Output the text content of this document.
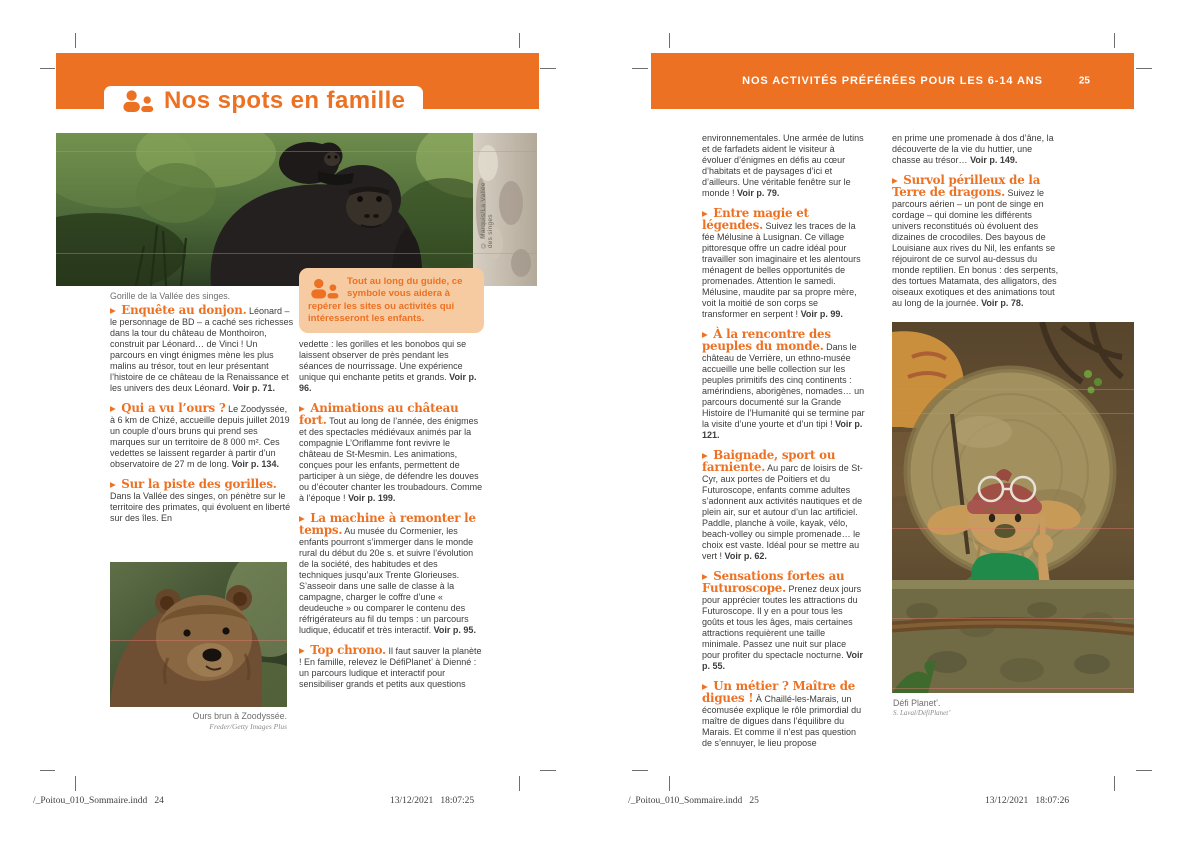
Nos spots en famille
© Marquis/La Vallée des singes
Gorille de la Vallée des singes.
Tout au long du guide, ce symbole vous aidera à repérer les sites ou activités qui intéresseront les enfants.
▶ Enquête au donjon. Léonard – le personnage de BD – a caché ses richesses dans la tour du château de Monthoiron, construit par Léonard… de Vinci ! Un parcours en vingt énigmes mène les plus malins au trésor, tout en leur présentant l’histoire de ce château de la Renaissance et les univers des deux Léonard. Voir p. 71.
▶ Qui a vu l’ours ? Le Zoodyssée, à 6 km de Chizé, accueille depuis juillet 2019 un couple d’ours bruns qui prend ses marques sur un territoire de 8 000 m². Ces vedettes se laissent regarder à partir d’un observatoire de 27 m de long. Voir p. 134.
▶ Sur la piste des gorilles. Dans la Vallée des singes, on pénètre sur le territoire des primates, qui évoluent en liberté sur des îles. En
vedette : les gorilles et les bonobos qui se laissent observer de près pendant les séances de nourrissage. Une expérience unique qui enchante petits et grands. Voir p. 96.
▶ Animations au château fort. Tout au long de l’année, des énigmes et des spectacles médiévaux animés par la compagnie L’Oriflamme font revivre le château de St-Mesmin. Les animations, conçues pour les enfants, permettent de participer à un siège, de défendre les douves ou d’écouter chanter les troubadours. Comme à l’époque ! Voir p. 199.
▶ La machine à remonter le temps. Au musée du Cormenier, les enfants pourront s’immerger dans le monde rural du début du 20e s. et suivre l’évolution de la société, des habitudes et des techniques jusqu’aux Trente Glorieuses. S’asseoir dans une salle de classe à la campagne, charger le coffre d’une « deudeuche » ou comparer le contenu des réfrigérateurs au fil du temps : un parcours ludique, éducatif et très interactif. Voir p. 95.
▶ Top chrono. Il faut sauver la planète ! En famille, relevez le DéfiPlanet’ à Dienné : un parcours ludique et interactif pour sensibiliser grands et petits aux questions
Ours brun à Zoodyssée.
Freder/Getty Images Plus
/_Poitou_010_Sommaire.indd   24	13/12/2021   18:07:25
NOS ACTIVITÉS PRÉFÉRÉES POUR LES 6-14 ANS	25
environnementales. Une armée de lutins et de farfadets aident le visiteur à évoluer d’énigmes en défis au cœur d’habitats et de paysages d’ici et d’ailleurs. Une véritable fenêtre sur le monde ! Voir p. 79.
▶ Entre magie et légendes. Suivez les traces de la fée Mélusine à Lusignan. Ce village pittoresque offre un cadre idéal pour travailler son imaginaire et les alentours ménagent de belles opportunités de promenades. Attention le samedi. Mélusine, maudite par sa propre mère, voit la moitié de son corps se transformer en serpent ! Voir p. 99.
▶ À la rencontre des peuples du monde. Dans le château de Verrière, un ethno-musée accueille une belle collection sur les peuples primitifs des cinq continents : amérindiens, aborigènes, nomades… un parcours documenté sur la Grande Histoire de l’Humanité qui se termine par la visite d’une yourte et d’un tipi ! Voir p. 121.
▶ Baignade, sport ou farniente. Au parc de loisirs de St-Cyr, aux portes de Poitiers et du Futuroscope, enfants comme adultes s’adonnent aux activités nautiques et de plein air, sur et autour d’un lac artificiel. Paddle, planche à voile, kayak, vélo, beach-volley ou simple promenade… le choix est vaste. Idéal pour se mettre au vert ! Voir p. 62.
▶ Sensations fortes au Futuroscope. Prenez deux jours pour apprécier toutes les attractions du Futuroscope. Il y en a pour tous les goûts et tous les âges, mais certaines attractions requièrent une taille minimale. Passez une nuit sur place pour profiter du spectacle nocturne. Voir p. 55.
▶ Un métier ? Maître de digues ! À Chaillé-les-Marais, un écomusée explique le rôle primordial du maître de digues dans l’équilibre du Marais. Et comme il n’est pas question de s’ennuyer, le lieu propose
en prime une promenade à dos d’âne, la découverte de la vie du huttier, une chasse au trésor… Voir p. 149.
▶ Survol périlleux de la Terre de dragons. Suivez le parcours aérien – un pont de singe en cordage – qui domine les différents univers reconstitués où évoluent des dizaines de crocodiles. Des bayous de Louisiane aux rives du Nil, les enfants se réjouiront de ce survol au-dessus du monde reptilien. En bonus : des serpents, des tortues Matamata, des alligators, des oiseaux exotiques et des animations tout au long de la journée. Voir p. 78.
Défi Planet’.
S. Laval/DéfiPlanet’
/_Poitou_010_Sommaire.indd   25	13/12/2021   18:07:26
